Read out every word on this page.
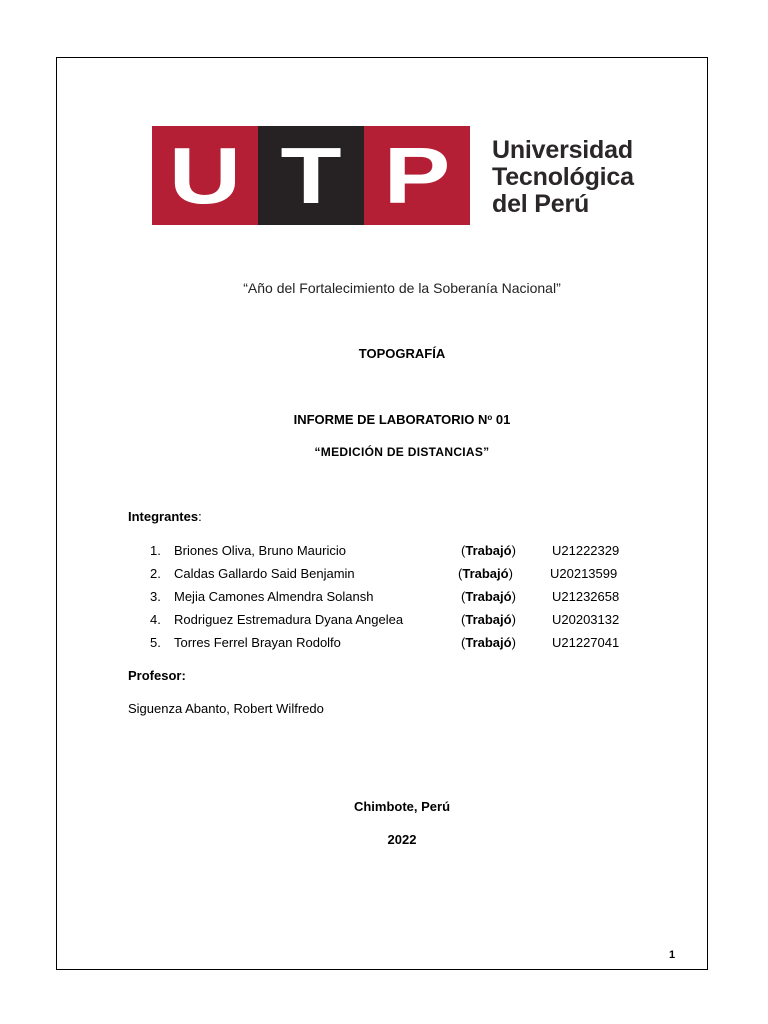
U T P	Universidad
Tecnológica
del Perú
“Año del Fortalecimiento de la Soberanía Nacional”
TOPOGRAFÍA
INFORME DE LABORATORIO $N^o$ 01
“MEDICIÓN DE DISTANCIAS”
Integrantes:
1. Briones Oliva, Bruno Mauricio	(Trabajó)	U21222329
2. Caldas Gallardo Said Benjamin	(Trabajó)	U20213599
3. Mejia Camones Almendra Solansh	(Trabajó)	U21232658
4. Rodriguez Estremadura Dyana Angelea	(Trabajó)	U20203132
5. Torres Ferrel Brayan Rodolfo	(Trabajó)	U21227041
Profesor:
Siguenza Abanto, Robert Wilfredo
Chimbote, Perú
2022
1
